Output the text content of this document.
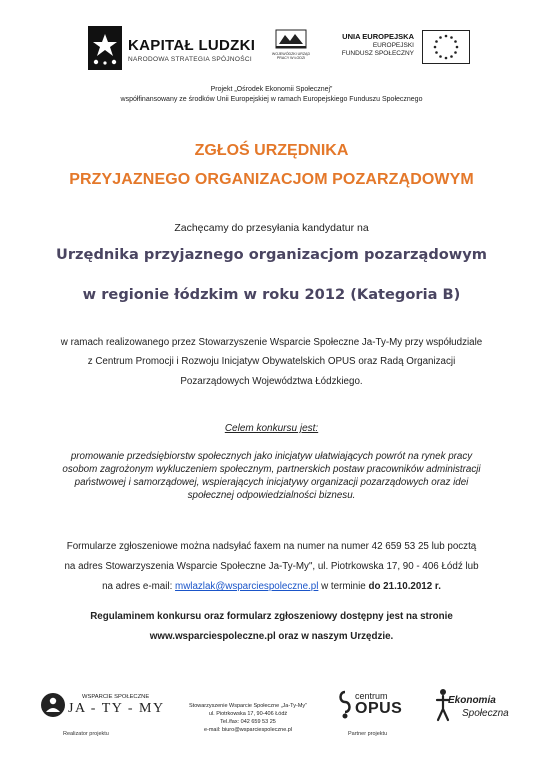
KAPITAŁ LUDZKI
NARODOWA STRATEGIA SPÓJNOŚCI
WOJEWÓDZKI URZĄD PRACY W ŁODZI
UNIA EUROPEJSKA
EUROPEJSKI
FUNDUSZ SPOŁECZNY
Projekt „Ośrodek Ekonomii Społecznej”
współfinansowany ze środków Unii Europejskiej w ramach Europejskiego Funduszu Społecznego
ZGŁOŚ URZĘDNIKA
PRZYJAZNEGO ORGANIZACJOM POZARZĄDOWYM
Zachęcamy do przesyłania kandydatur na
Urzędnika przyjaznego organizacjom pozarządowym
w regionie łódzkim w roku 2012 (Kategoria B)
w ramach realizowanego przez Stowarzyszenie Wsparcie Społeczne Ja-Ty-My przy współudziale
z Centrum Promocji i Rozwoju Inicjatyw Obywatelskich OPUS oraz Radą Organizacji
Pozarządowych Województwa Łódzkiego.
Celem konkursu jest:
promowanie przedsiębiorstw społecznych jako inicjatyw ułatwiających powrót na rynek pracy
osobom zagrożonym wykluczeniem społecznym, partnerskich postaw pracowników administracji
państwowej i samorządowej, wspierających inicjatywy organizacji pozarządowych oraz idei
społecznej odpowiedzialności biznesu.
Formularze zgłoszeniowe można nadsyłać faxem na numer na numer 42 659 53 25 lub pocztą
na adres Stowarzyszenia Wsparcie Społeczne Ja-Ty-My", ul. Piotrkowska 17, 90 - 406 Łódź lub
na adres e-mail: mwlazlak@wsparciespoleczne.pl w terminie do 21.10.2012 r.
Regulaminem konkursu oraz formularz zgłoszeniowy dostępny jest na stronie
www.wsparciespoleczne.pl oraz w naszym Urzędzie.
WSPARCIE SPOŁECZNE
JA - TY - MY
Realizator projektu
Stowarzyszenie Wsparcie Społeczne „Ja-Ty-My”
ul. Piotrkowska 17, 90-406 Łódź
Tel./fax: 042 659 53 25
e-mail: biuro@wsparciespoleczne.pl
centrum
OPUS
Partner projektu
Ekonomia
Społeczna
